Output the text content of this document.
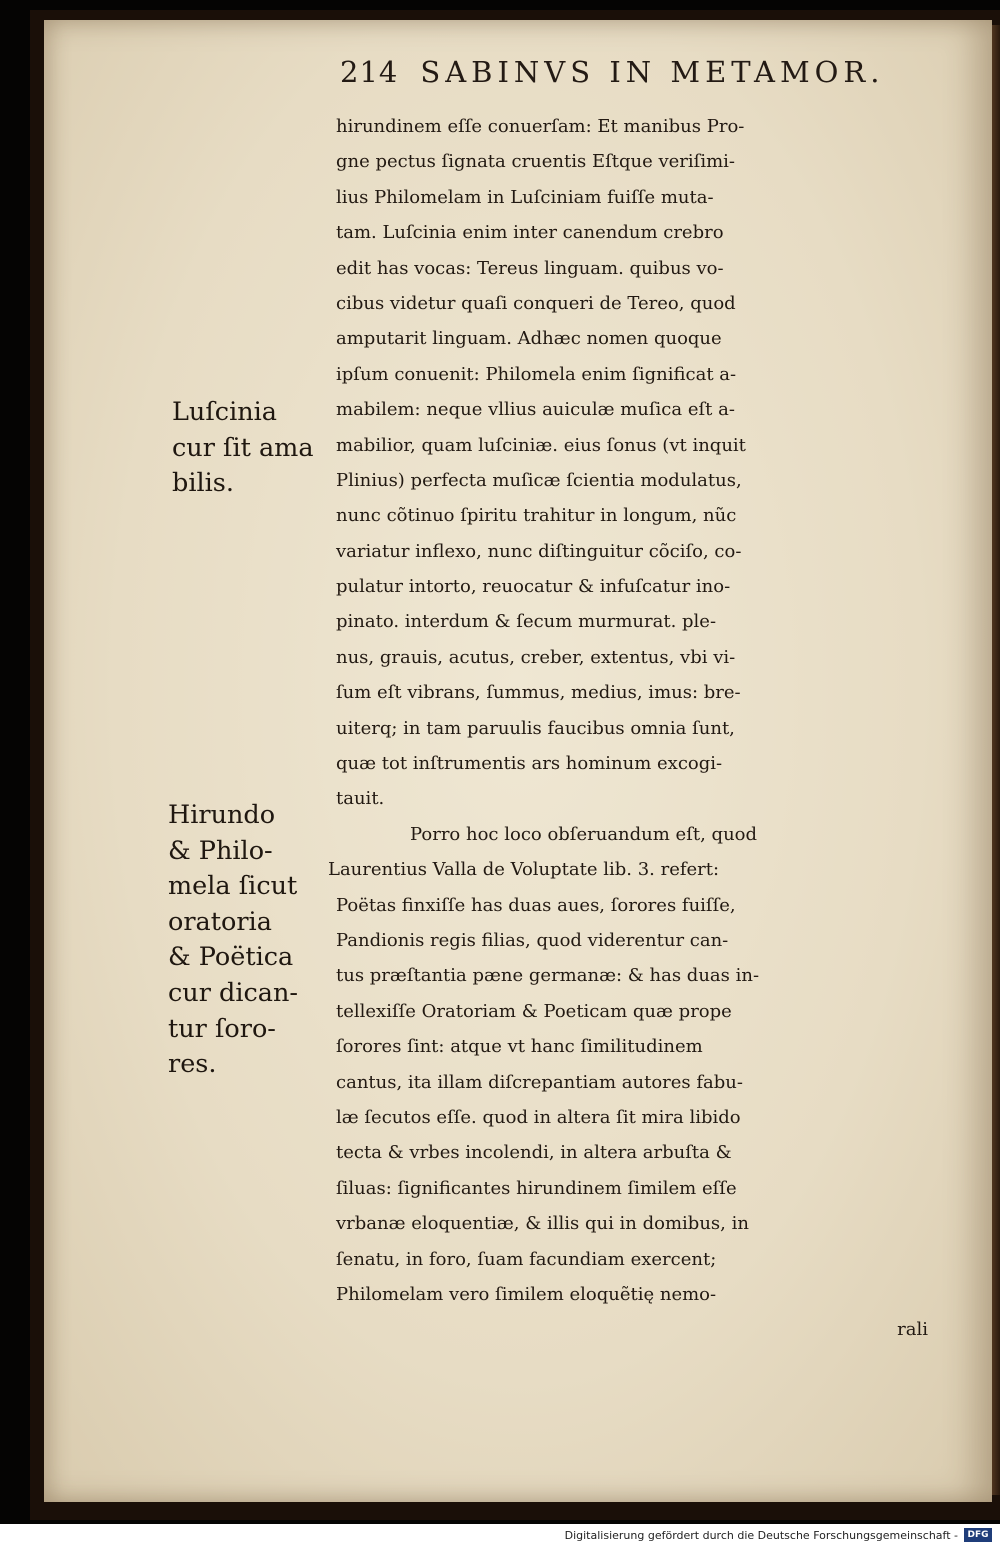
214 SABINVS IN METAMOR.
hirundinem eſſe conuerſam: Et manibus Pro-
gne pectus ſignata cruentis Eſtque veriſimi-
lius Philomelam in Luſciniam fuiſſe muta-
tam. Luſcinia enim inter canendum crebro
edit has vocas: Tereus linguam. quibus vo-
cibus videtur quaſi conqueri de Tereo, quod
amputarit linguam. Adhæc nomen quoque
ipſum conuenit: Philomela enim ſignificat a-
mabilem: neque vllius auiculæ muſica eſt a-
mabilior, quam luſciniæ. eius ſonus (vt inquit
Plinius) perfecta muſicæ ſcientia modulatus,
nunc cõtinuo ſpiritu trahitur in longum, nũc
variatur inflexo, nunc diſtinguitur cõciſo, co-
pulatur intorto, reuocatur & infuſcatur ino-
pinato. interdum & ſecum murmurat. ple-
nus, grauis, acutus, creber, extentus, vbi vi-
ſum eſt vibrans, ſummus, medius, imus: bre-
uiterq; in tam paruulis faucibus omnia ſunt,
quæ tot inſtrumentis ars hominum excogi-
tauit.
Porro hoc loco obſeruandum eſt, quod
Laurentius Valla de Voluptate lib. 3. refert:
Poëtas finxiſſe has duas aues, ſorores fuiſſe,
Pandionis regis filias, quod viderentur can-
tus præſtantia pæne germanæ: & has duas in-
tellexiſſe Oratoriam & Poeticam quæ prope
ſorores ſint: atque vt hanc ſimilitudinem
cantus, ita illam diſcrepantiam autores fabu-
læ ſecutos eſſe. quod in altera ſit mira libido
tecta & vrbes incolendi, in altera arbuſta &
ſiluas: ſignificantes hirundinem ſimilem eſſe
vrbanæ eloquentiæ, & illis qui in domibus, in
ſenatu, in foro, ſuam facundiam exercent;
Philomelam vero ſimilem eloquẽtię nemo-
rali
Luſcinia
cur ſit ama
bilis.
Hirundo
& Philo-
mela ſicut
oratoria
& Poëtica
cur dican-
tur ſoro-
res.
Digitalisierung gefördert durch die Deutsche Forschungsgemeinschaft -	DFG
